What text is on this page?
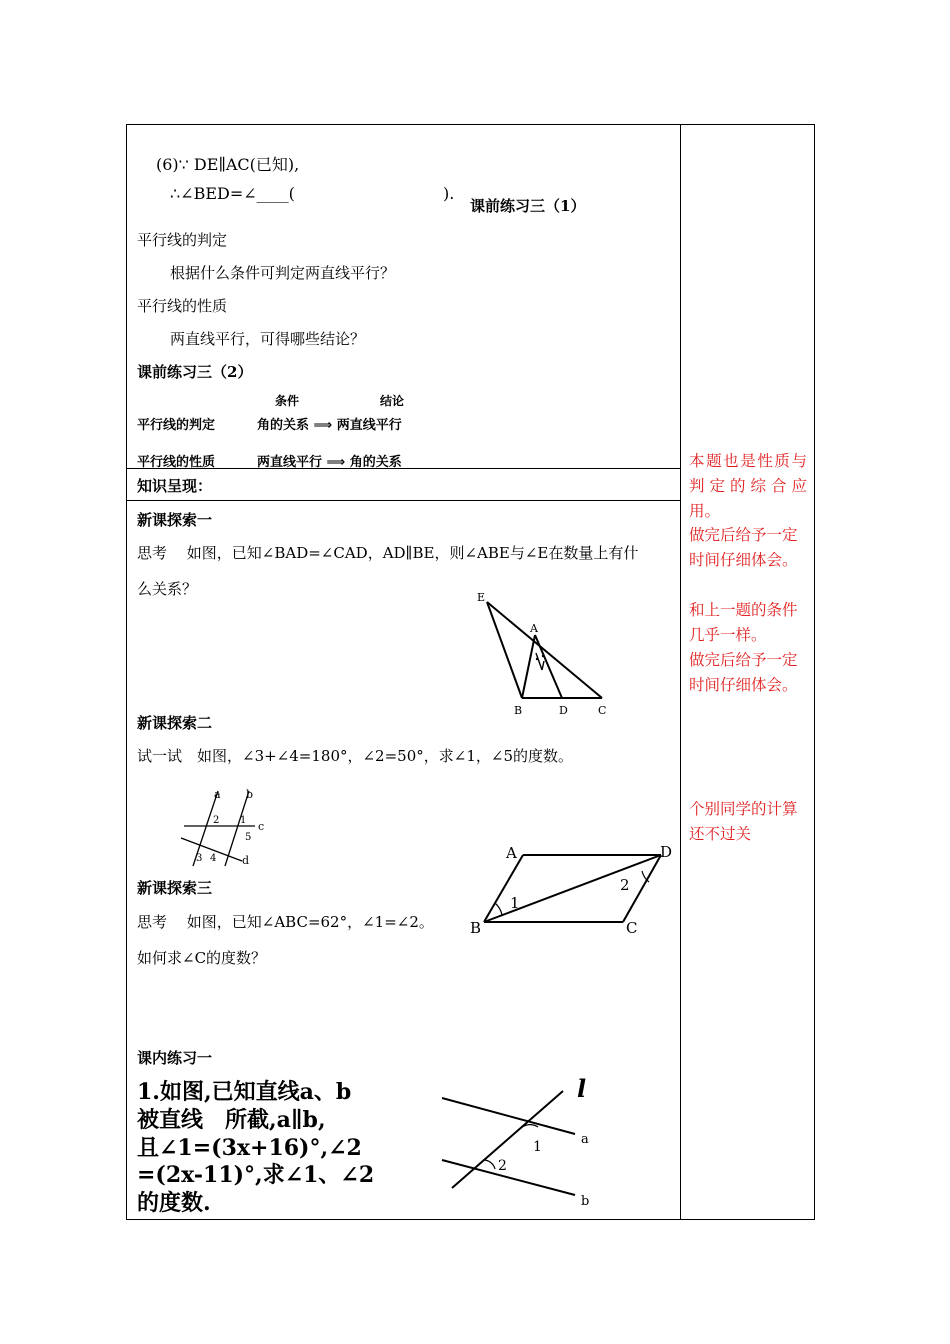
(6)∵ DE∥AC(已知),
∴∠BED=∠____(	).
课前练习三（1）
平行线的判定
根据什么条件可判定两直线平行？
平行线的性质
两直线平行，可得哪些结论？
课前练习三（2）
条件	结论
平行线的判定	角的关系 ⟹ 两直线平行
平行线的性质	两直线平行 ⟹ 角的关系
知识呈现：
新课探索一
思考　 如图，已知∠BAD=∠CAD，AD∥BE，则∠ABE与∠E在数量上有什
么关系？	E
A
B	D	C
新课探索二
试一试　如图，∠3+∠4=180°，∠2=50°，求∠1，∠5的度数。
a b
c
d
2 1
5
3 4
新课探索三
思考　 如图，已知∠ABC=62°，∠1=∠2。
如何求∠C的度数？
A	D
B	C
1
2
课内练习一
1.如图,已知直线a、b
被直线　所截,a∥b,
且∠1=(3x+16)°,∠2
=(2x-11)°,求∠1、∠2
的度数.
l
a
b
1
2
本题也是性质与判定的综合应用。
做完后给予一定时间仔细体会。
和上一题的条件几乎一样。
做完后给予一定时间仔细体会。
个别同学的计算还不过关
